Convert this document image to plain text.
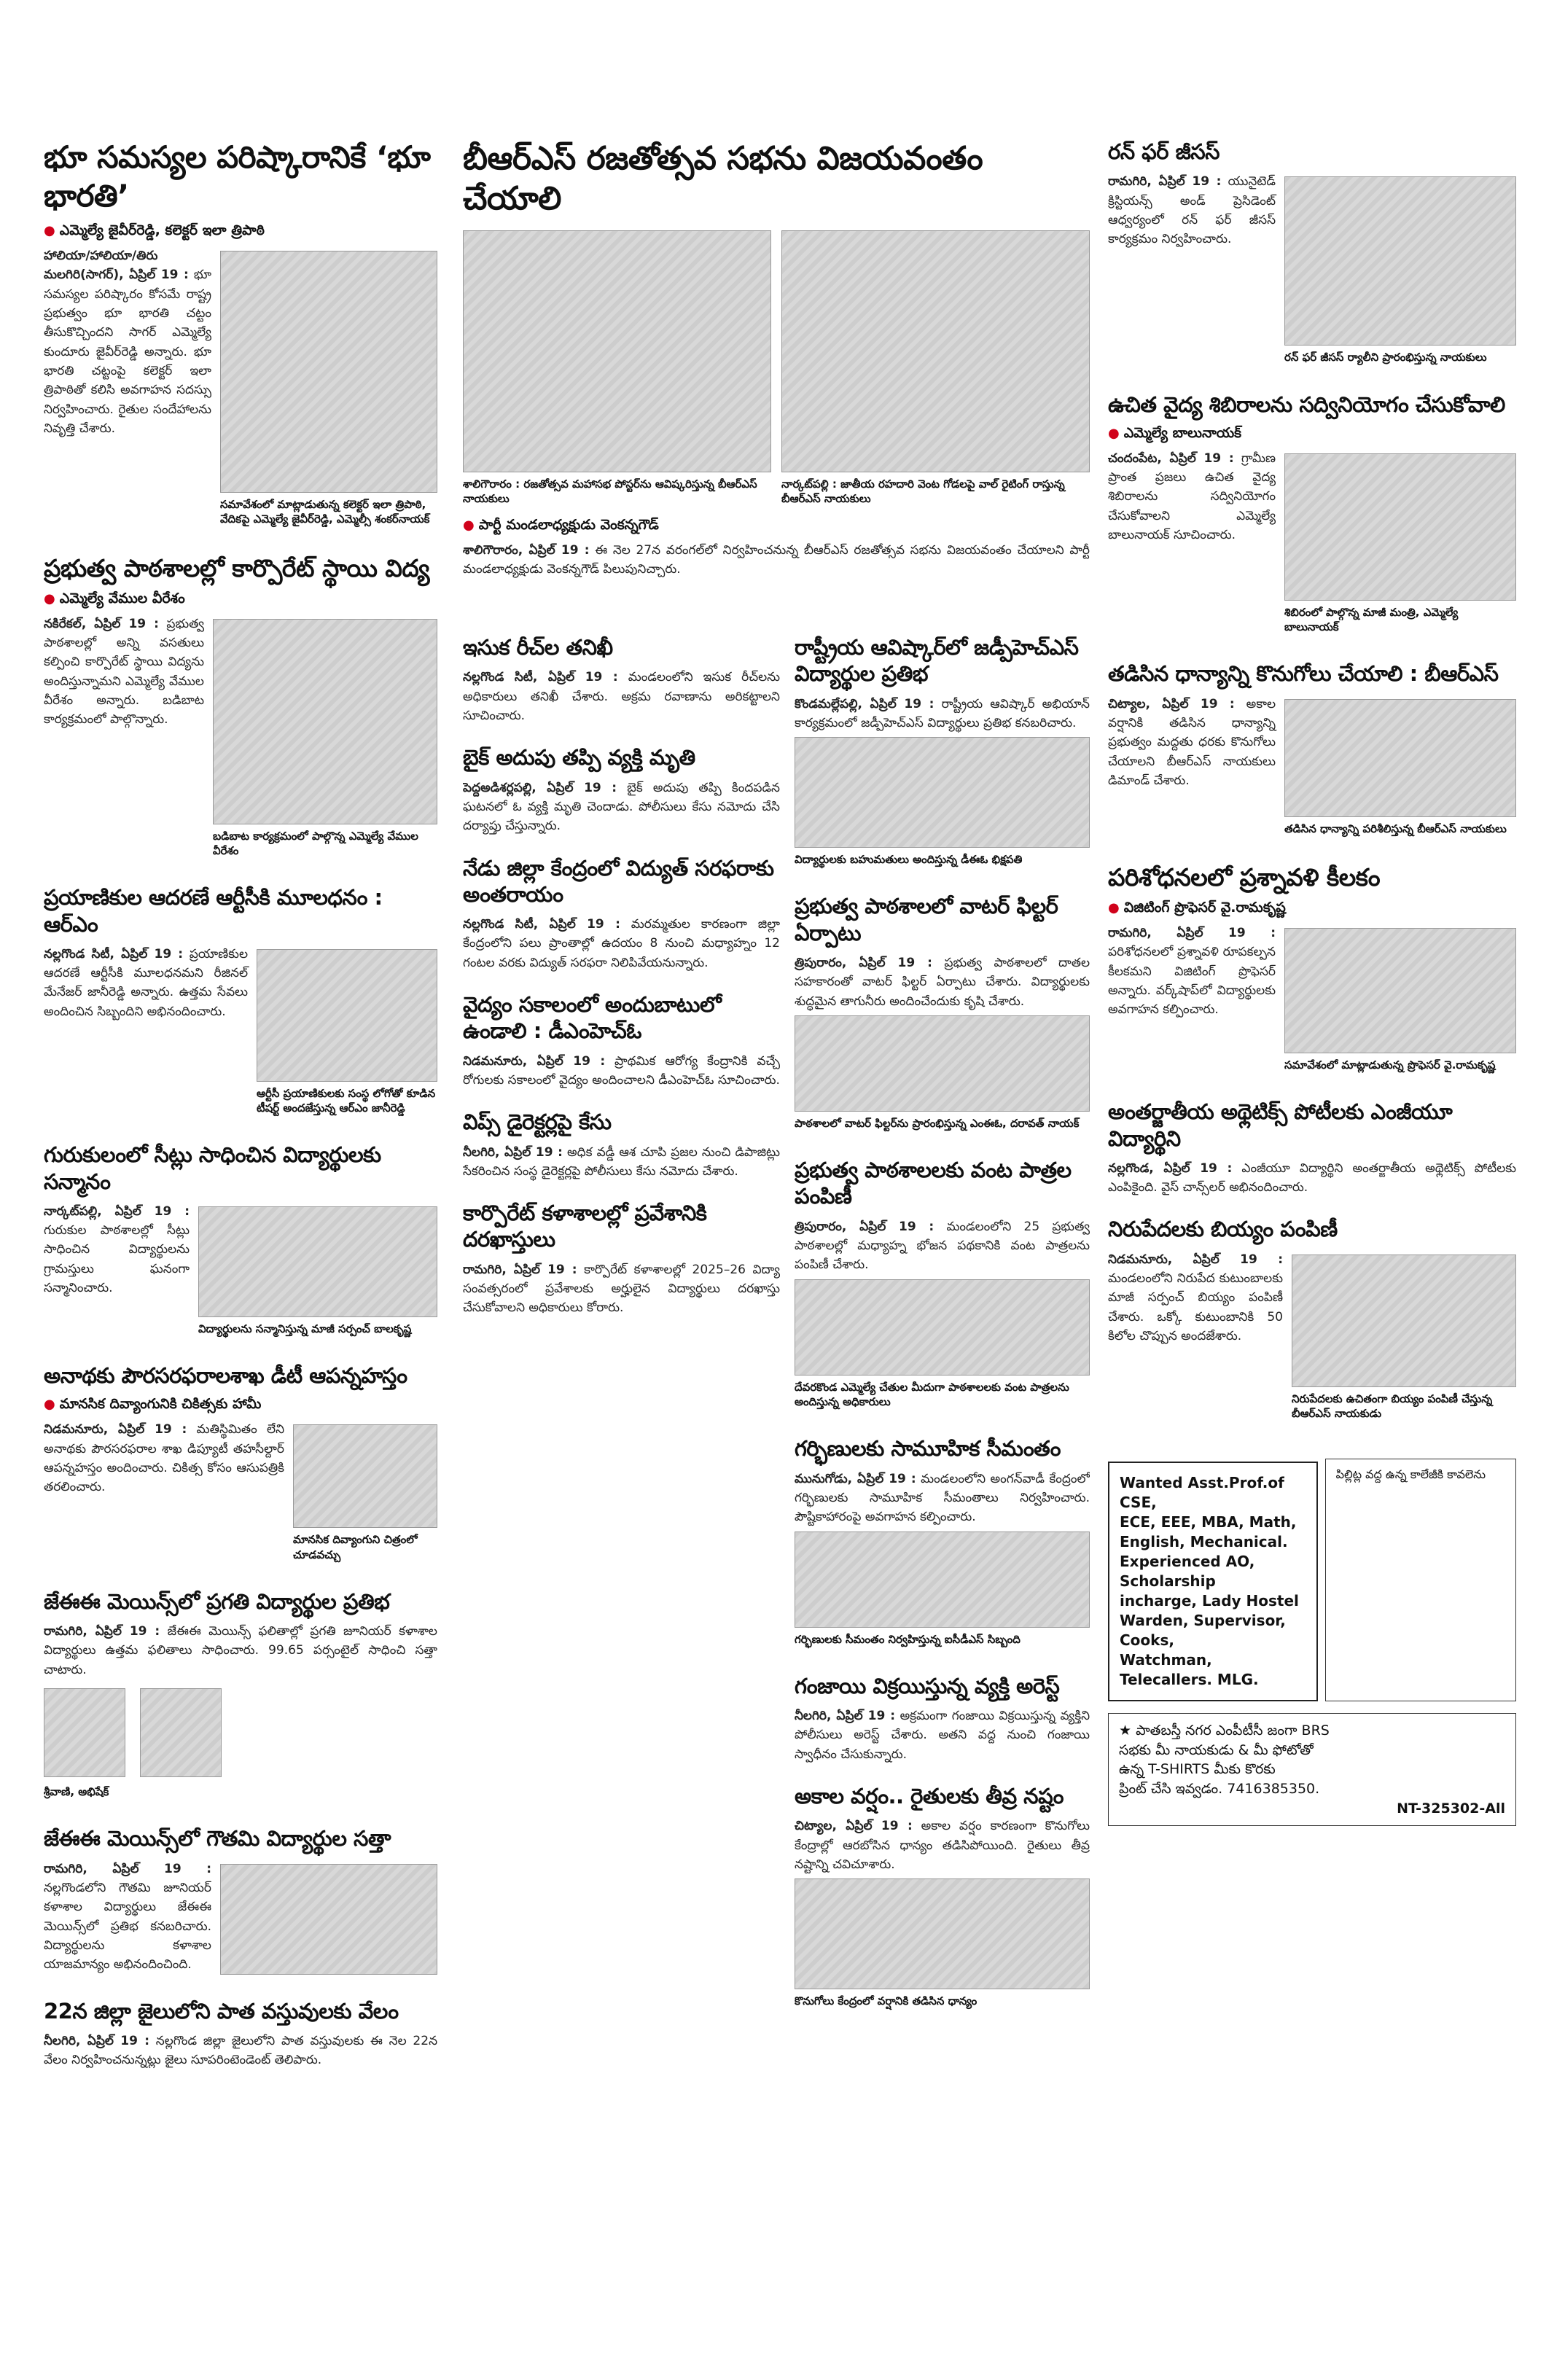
భూ సమస్యల పరిష్కారానికే ‘భూ భారతి’
● ఎమ్మెల్యే జైవీర్‌రెడ్డి, కలెక్టర్ ఇలా త్రిపాఠి
హాలియా/హాలియా/తిరు మలగిరి(సాగర్), ఏప్రిల్ 19 : భూ సమస్యల పరిష్కారం కోసమే రాష్ట్ర ప్రభుత్వం భూ భారతి చట్టం తీసుకొచ్చిందని సాగర్ ఎమ్మెల్యే కుందూరు జైవీర్‌రెడ్డి అన్నారు. భూ భారతి చట్టంపై కలెక్టర్ ఇలా త్రిపాఠితో కలిసి అవగాహన సదస్సు నిర్వహించారు. రైతుల సందేహాలను నివృత్తి చేశారు.
సమావేశంలో మాట్లాడుతున్న కలెక్టర్ ఇలా త్రిపాఠి, వేదికపై ఎమ్మెల్యే జైవీర్‌రెడ్డి, ఎమ్మెల్సీ శంకర్‌నాయక్
ప్రభుత్వ పాఠశాలల్లో కార్పొరేట్ స్థాయి విద్య
● ఎమ్మెల్యే వేముల వీరేశం
నకిరేకల్, ఏప్రిల్ 19 : ప్రభుత్వ పాఠశాలల్లో అన్ని వసతులు కల్పించి కార్పొరేట్ స్థాయి విద్యను అందిస్తున్నామని ఎమ్మెల్యే వేముల వీరేశం అన్నారు. బడిబాట కార్యక్రమంలో పాల్గొన్నారు.
బడిబాట కార్యక్రమంలో పాల్గొన్న ఎమ్మెల్యే వేముల వీరేశం
ప్రయాణికుల ఆదరణే ఆర్టీసీకి మూలధనం : ఆర్‌ఎం
నల్లగొండ సిటీ, ఏప్రిల్ 19 : ప్రయాణికుల ఆదరణే ఆర్టీసీకి మూలధనమని రీజినల్ మేనేజర్ జానీరెడ్డి అన్నారు. ఉత్తమ సేవలు అందించిన సిబ్బందిని అభినందించారు.
ఆర్టీసీ ప్రయాణికులకు సంస్థ లోగోతో కూడిన టీషర్ట్ అందజేస్తున్న ఆర్‌ఎం జానీరెడ్డి
గురుకులంలో సీట్లు సాధించిన విద్యార్థులకు సన్మానం
నార్కట్‌పల్లి, ఏప్రిల్ 19 : గురుకుల పాఠశాలల్లో సీట్లు సాధించిన విద్యార్థులను గ్రామస్తులు ఘనంగా సన్మానించారు.
విద్యార్థులను సన్మానిస్తున్న మాజీ సర్పంచ్ బాలకృష్ణ
అనాథకు పౌరసరఫరాలశాఖ డీటీ ఆపన్నహస్తం
● మానసిక దివ్యాంగునికి చికిత్సకు హామీ
నిడమనూరు, ఏప్రిల్ 19 : మతిస్థిమితం లేని అనాథకు పౌరసరఫరాల శాఖ డిప్యూటీ తహసీల్దార్ ఆపన్నహస్తం అందించారు. చికిత్స కోసం ఆసుపత్రికి తరలించారు.
మానసిక దివ్యాంగుని చిత్రంలో చూడవచ్చు
జేఈఈ మెయిన్స్‌లో ప్రగతి విద్యార్థుల ప్రతిభ
రామగిరి, ఏప్రిల్ 19 : జేఈఈ మెయిన్స్ ఫలితాల్లో ప్రగతి జూనియర్ కళాశాల విద్యార్థులు ఉత్తమ ఫలితాలు సాధించారు. 99.65 పర్సంటైల్ సాధించి సత్తా చాటారు.
శ్రీవాణి, అభిషేక్
జేఈఈ మెయిన్స్‌లో గౌతమి విద్యార్థుల సత్తా
రామగిరి, ఏప్రిల్ 19 : నల్లగొండలోని గౌతమి జూనియర్ కళాశాల విద్యార్థులు జేఈఈ మెయిన్స్‌లో ప్రతిభ కనబరిచారు. విద్యార్థులను కళాశాల యాజమాన్యం అభినందించింది.
22న జిల్లా జైలులోని పాత వస్తువులకు వేలం
నీలగిరి, ఏప్రిల్ 19 : నల్లగొండ జిల్లా జైలులోని పాత వస్తువులకు ఈ నెల 22న వేలం నిర్వహించనున్నట్లు జైలు సూపరింటెండెంట్ తెలిపారు.
బీఆర్‌ఎస్ రజతోత్సవ సభను విజయవంతం చేయాలి
శాలిగౌరారం : రజతోత్సవ మహాసభ పోస్టర్‌ను ఆవిష్కరిస్తున్న బీఆర్‌ఎస్ నాయకులు
నార్కట్‌పల్లి : జాతీయ రహదారి వెంట గోడలపై వాల్ రైటింగ్ రాస్తున్న బీఆర్‌ఎస్ నాయకులు
● పార్టీ మండలాధ్యక్షుడు వెంకన్నగౌడ్
శాలిగౌరారం, ఏప్రిల్ 19 : ఈ నెల 27న వరంగల్‌లో నిర్వహించనున్న బీఆర్‌ఎస్ రజతోత్సవ సభను విజయవంతం చేయాలని పార్టీ మండలాధ్యక్షుడు వెంకన్నగౌడ్ పిలుపునిచ్చారు.
ఇసుక రీచ్‌ల తనిఖీ
నల్లగొండ సిటీ, ఏప్రిల్ 19 : మండలంలోని ఇసుక రీచ్‌లను అధికారులు తనిఖీ చేశారు. అక్రమ రవాణాను అరికట్టాలని సూచించారు.
బైక్ అదుపు తప్పి వ్యక్తి మృతి
పెద్దఅడిశర్లపల్లి, ఏప్రిల్ 19 : బైక్ అదుపు తప్పి కిందపడిన ఘటనలో ఓ వ్యక్తి మృతి చెందాడు. పోలీసులు కేసు నమోదు చేసి దర్యాప్తు చేస్తున్నారు.
నేడు జిల్లా కేంద్రంలో విద్యుత్ సరఫరాకు అంతరాయం
నల్లగొండ సిటీ, ఏప్రిల్ 19 : మరమ్మతుల కారణంగా జిల్లా కేంద్రంలోని పలు ప్రాంతాల్లో ఉదయం 8 నుంచి మధ్యాహ్నం 12 గంటల వరకు విద్యుత్ సరఫరా నిలిపివేయనున్నారు.
వైద్యం సకాలంలో అందుబాటులో ఉండాలి : డీఎంహెచ్‌ఓ
నిడమనూరు, ఏప్రిల్ 19 : ప్రాథమిక ఆరోగ్య కేంద్రానికి వచ్చే రోగులకు సకాలంలో వైద్యం అందించాలని డీఎంహెచ్‌ఓ సూచించారు.
విప్స్ డైరెక్టర్లపై కేసు
నీలగిరి, ఏప్రిల్ 19 : అధిక వడ్డీ ఆశ చూపి ప్రజల నుంచి డిపాజిట్లు సేకరించిన సంస్థ డైరెక్టర్లపై పోలీసులు కేసు నమోదు చేశారు.
కార్పొరేట్ కళాశాలల్లో ప్రవేశానికి దరఖాస్తులు
రామగిరి, ఏప్రిల్ 19 : కార్పొరేట్ కళాశాలల్లో 2025–26 విద్యా సంవత్సరంలో ప్రవేశాలకు అర్హులైన విద్యార్థులు దరఖాస్తు చేసుకోవాలని అధికారులు కోరారు.
రాష్ట్రీయ ఆవిష్కార్‌లో జడ్పీహెచ్‌ఎస్ విద్యార్థుల ప్రతిభ
కొండమల్లేపల్లి, ఏప్రిల్ 19 : రాష్ట్రీయ ఆవిష్కార్ అభియాన్ కార్యక్రమంలో జడ్పీహెచ్‌ఎస్ విద్యార్థులు ప్రతిభ కనబరిచారు.
విద్యార్థులకు బహుమతులు అందిస్తున్న డీఈఓ భిక్షపతి
ప్రభుత్వ పాఠశాలలో వాటర్ ఫిల్టర్ ఏర్పాటు
త్రిపురారం, ఏప్రిల్ 19 : ప్రభుత్వ పాఠశాలలో దాతల సహకారంతో వాటర్ ఫిల్టర్ ఏర్పాటు చేశారు. విద్యార్థులకు శుద్ధమైన తాగునీరు అందించేందుకు కృషి చేశారు.
పాఠశాలలో వాటర్ ఫిల్టర్‌ను ప్రారంభిస్తున్న ఎంఈఓ, దరావత్ నాయక్
ప్రభుత్వ పాఠశాలలకు వంట పాత్రల పంపిణీ
త్రిపురారం, ఏప్రిల్ 19 : మండలంలోని 25 ప్రభుత్వ పాఠశాలల్లో మధ్యాహ్న భోజన పథకానికి వంట పాత్రలను పంపిణీ చేశారు.
దేవరకొండ ఎమ్మెల్యే చేతుల మీదుగా పాఠశాలలకు వంట పాత్రలను అందిస్తున్న అధికారులు
గర్భిణులకు సామూహిక సీమంతం
మునుగోడు, ఏప్రిల్ 19 : మండలంలోని అంగన్‌వాడీ కేంద్రంలో గర్భిణులకు సామూహిక సీమంతాలు నిర్వహించారు. పౌష్టికాహారంపై అవగాహన కల్పించారు.
గర్భిణులకు సీమంతం నిర్వహిస్తున్న ఐసీడీఎస్ సిబ్బంది
గంజాయి విక్రయిస్తున్న వ్యక్తి అరెస్ట్
నీలగిరి, ఏప్రిల్ 19 : అక్రమంగా గంజాయి విక్రయిస్తున్న వ్యక్తిని పోలీసులు అరెస్ట్ చేశారు. అతని వద్ద నుంచి గంజాయి స్వాధీనం చేసుకున్నారు.
అకాల వర్షం.. రైతులకు తీవ్ర నష్టం
చిట్యాల, ఏప్రిల్ 19 : అకాల వర్షం కారణంగా కొనుగోలు కేంద్రాల్లో ఆరబోసిన ధాన్యం తడిసిపోయింది. రైతులు తీవ్ర నష్టాన్ని చవిచూశారు.
కొనుగోలు కేంద్రంలో వర్షానికి తడిసిన ధాన్యం
రన్ ఫర్ జీసస్
రామగిరి, ఏప్రిల్ 19 : యునైటెడ్ క్రిస్టియన్స్ అండ్ ప్రెసిడెంట్ ఆధ్వర్యంలో రన్ ఫర్ జీసస్ కార్యక్రమం నిర్వహించారు.
రన్ ఫర్ జీసస్ ర్యాలీని ప్రారంభిస్తున్న నాయకులు
ఉచిత వైద్య శిబిరాలను సద్వినియోగం చేసుకోవాలి
● ఎమ్మెల్యే బాలునాయక్
చందంపేట, ఏప్రిల్ 19 : గ్రామీణ ప్రాంత ప్రజలు ఉచిత వైద్య శిబిరాలను సద్వినియోగం చేసుకోవాలని ఎమ్మెల్యే బాలునాయక్ సూచించారు.
శిబిరంలో పాల్గొన్న మాజీ మంత్రి, ఎమ్మెల్యే బాలునాయక్
తడిసిన ధాన్యాన్ని కొనుగోలు చేయాలి : బీఆర్‌ఎస్
చిట్యాల, ఏప్రిల్ 19 : అకాల వర్షానికి తడిసిన ధాన్యాన్ని ప్రభుత్వం మద్దతు ధరకు కొనుగోలు చేయాలని బీఆర్‌ఎస్ నాయకులు డిమాండ్ చేశారు.
తడిసిన ధాన్యాన్ని పరిశీలిస్తున్న బీఆర్‌ఎస్ నాయకులు
పరిశోధనలలో ప్రశ్నావళి కీలకం
● విజిటింగ్ ప్రొఫెసర్ వై.రామకృష్ణ
రామగిరి, ఏప్రిల్ 19 : పరిశోధనలలో ప్రశ్నావళి రూపకల్పన కీలకమని విజిటింగ్ ప్రొఫెసర్ అన్నారు. వర్క్‌షాప్‌లో విద్యార్థులకు అవగాహన కల్పించారు.
సమావేశంలో మాట్లాడుతున్న ప్రొఫెసర్ వై.రామకృష్ణ
అంతర్జాతీయ అథ్లెటిక్స్ పోటీలకు ఎంజీయూ విద్యార్థిని
నల్లగొండ, ఏప్రిల్ 19 : ఎంజీయూ విద్యార్థిని అంతర్జాతీయ అథ్లెటిక్స్ పోటీలకు ఎంపికైంది. వైస్ చాన్స్‌లర్ అభినందించారు.
నిరుపేదలకు బియ్యం పంపిణీ
నిడమనూరు, ఏప్రిల్ 19 : మండలంలోని నిరుపేద కుటుంబాలకు మాజీ సర్పంచ్ బియ్యం పంపిణీ చేశారు. ఒక్కో కుటుంబానికి 50 కిలోల చొప్పున అందజేశారు.
నిరుపేదలకు ఉచితంగా బియ్యం పంపిణీ చేస్తున్న బీఆర్‌ఎస్ నాయకుడు
Wanted Asst.Prof.of CSE,
ECE, EEE, MBA, Math,
English, Mechanical.
Experienced AO, Scholarship
incharge, Lady Hostel
Warden, Supervisor, Cooks,
Watchman, Telecallers. MLG.
పిల్లిట్ల వద్ద ఉన్న కాలేజీకి కావలెను
★ పాతబస్తీ నగర ఎంపీటీసీ జంగా BRS
సభకు మీ నాయకుడు & మీ ఫోటోతో
ఉన్న T-SHIRTS మీకు కొరకు
ప్రింట్ చేసి ఇవ్వడం. 7416385350.
NT-325302-All
